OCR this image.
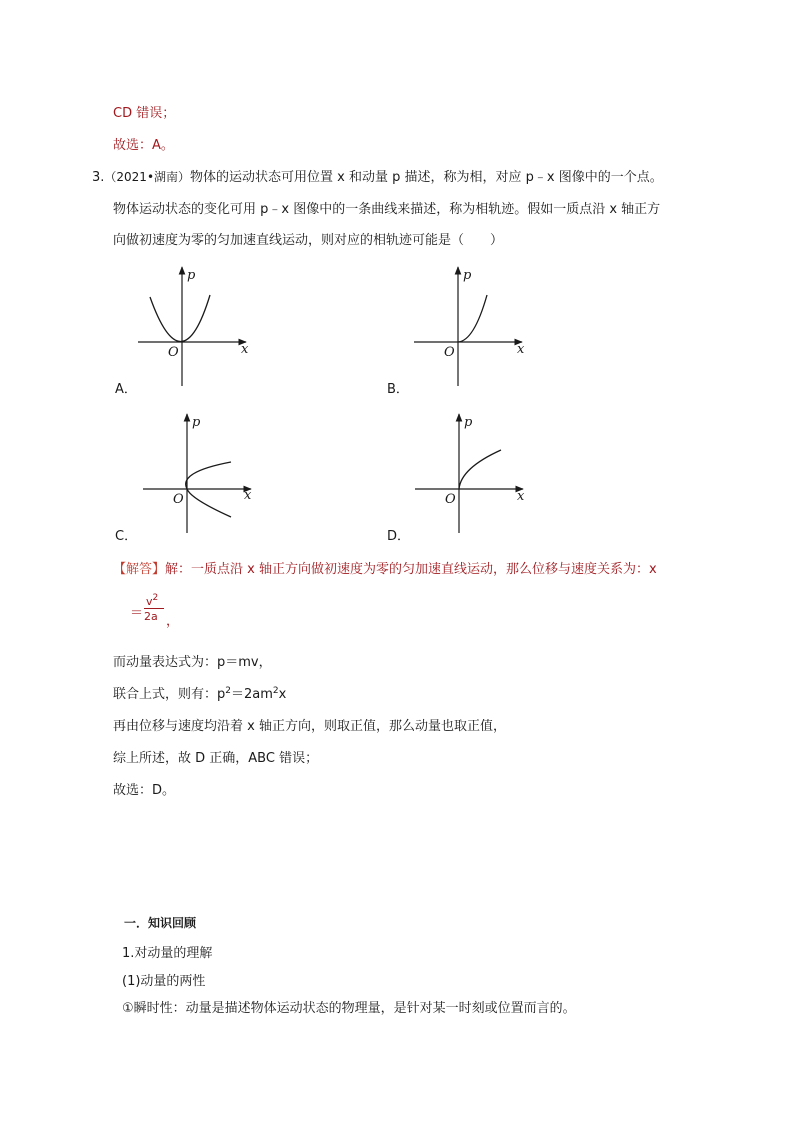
CD 错误；
故选：A。
3.（2021•湖南）物体的运动状态可用位置 x 和动量 p 描述，称为相，对应 p﹣x 图像中的一个点。
物体运动状态的变化可用 p﹣x 图像中的一条曲线来描述，称为相轨迹。假如一质点沿 x 轴正方
向做初速度为零的匀加速直线运动，则对应的相轨迹可能是（　　）
p
x
O
A．
p
x
O
B．
p
x
O
C．
p
x
O
D．
【解答】解：一质点沿 x 轴正方向做初速度为零的匀加速直线运动，那么位移与速度关系为：x
＝
$v^2$
2a ，
而动量表达式为：p＝mv，
联合上式，则有：$p^2=2am^2x$
再由位移与速度均沿着 x 轴正方向，则取正值，那么动量也取正值，
综上所述，故 D 正确，ABC 错误；
故选：D。
一．知识回顾
1.对动量的理解
(1)动量的两性
①瞬时性：动量是描述物体运动状态的物理量，是针对某一时刻或位置而言的。
